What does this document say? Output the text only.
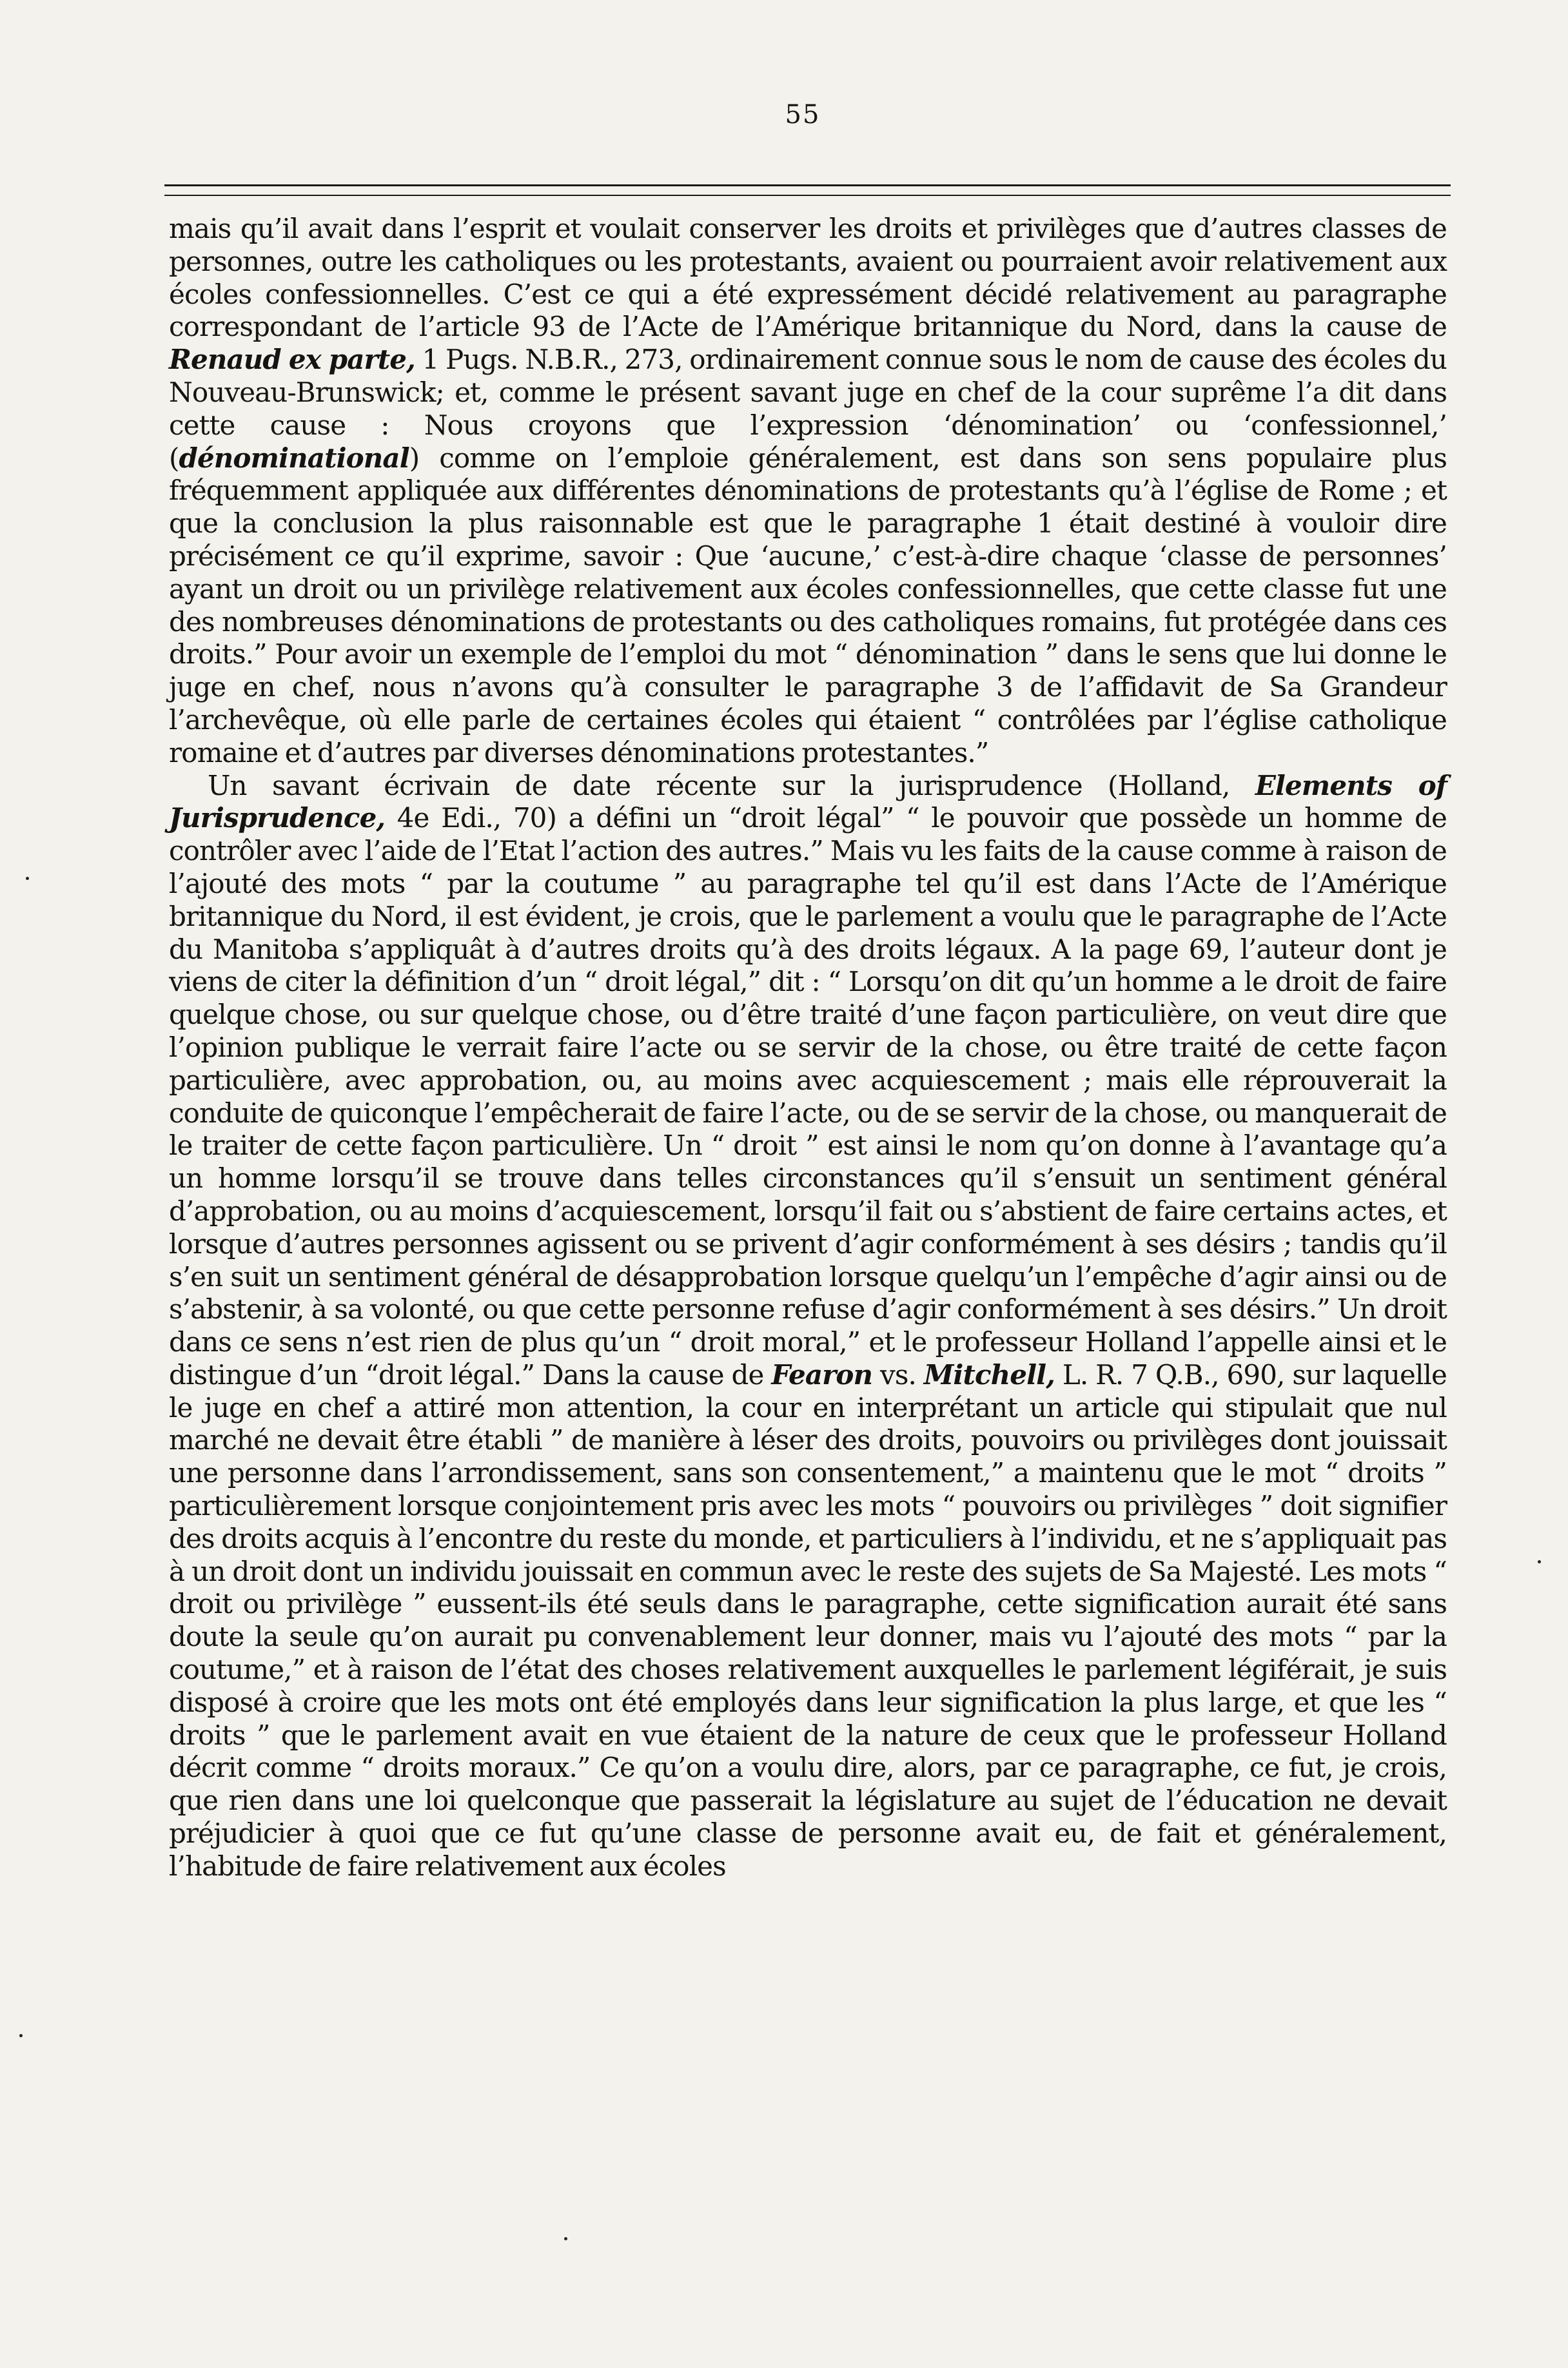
55

mais qu’il avait dans l’esprit et voulait conserver les droits et privilèges que d’autres classes de personnes, outre les catholiques ou les protestants, avaient ou pourraient avoir relativement aux écoles confessionnelles. C’est ce qui a été expressément décidé relativement au paragraphe correspondant de l’article 93 de l’Acte de l’Amérique britannique du Nord, dans la cause de Renaud ex parte, 1 Pugs. N.B.R., 273, ordinairement connue sous le nom de cause des écoles du Nouveau-Brunswick; et, comme le présent savant juge en chef de la cour suprême l’a dit dans cette cause : Nous croyons que l’expression ‘dénomination’ ou ‘confessionnel,’ (dénominational) comme on l’emploie généralement, est dans son sens populaire plus fréquemment appliquée aux différentes dénominations de protestants qu’à l’église de Rome ; et que la conclusion la plus raisonnable est que le paragraphe 1 était destiné à vouloir dire précisément ce qu’il exprime, savoir : Que ‘aucune,’ c’est-à-dire chaque ‘classe de personnes’ ayant un droit ou un privilège relativement aux écoles confessionnelles, que cette classe fut une des nombreuses dénominations de protestants ou des catholiques romains, fut protégée dans ces droits.” Pour avoir un exemple de l’emploi du mot “ dénomination ” dans le sens que lui donne le juge en chef, nous n’avons qu’à consulter le paragraphe 3 de l’affidavit de Sa Grandeur l’archevêque, où elle parle de certaines écoles qui étaient “ contrôlées par l’église catholique romaine et d’autres par diverses dénominations protestantes.”

Un savant écrivain de date récente sur la jurisprudence (Holland, Elements of Jurisprudence, 4e Edi., 70) a défini un “droit légal” “ le pouvoir que possède un homme de contrôler avec l’aide de l’Etat l’action des autres.” Mais vu les faits de la cause comme à raison de l’ajouté des mots “ par la coutume ” au paragraphe tel qu’il est dans l’Acte de l’Amérique britannique du Nord, il est évident, je crois, que le parlement a voulu que le paragraphe de l’Acte du Manitoba s’appliquât à d’autres droits qu’à des droits légaux. A la page 69, l’auteur dont je viens de citer la définition d’un “ droit légal,” dit : “ Lorsqu’on dit qu’un homme a le droit de faire quelque chose, ou sur quelque chose, ou d’être traité d’une façon particulière, on veut dire que l’opinion publique le verrait faire l’acte ou se servir de la chose, ou être traité de cette façon particulière, avec approbation, ou, au moins avec acquiescement ; mais elle réprouverait la conduite de quiconque l’empêcherait de faire l’acte, ou de se servir de la chose, ou manquerait de le traiter de cette façon particulière. Un “ droit ” est ainsi le nom qu’on donne à l’avantage qu’a un homme lorsqu’il se trouve dans telles circonstances qu’il s’ensuit un sentiment général d’approbation, ou au moins d’acquiescement, lorsqu’il fait ou s’abstient de faire certains actes, et lorsque d’autres personnes agissent ou se privent d’agir conformément à ses désirs ; tandis qu’il s’en suit un sentiment général de désapprobation lorsque quelqu’un l’empêche d’agir ainsi ou de s’abstenir, à sa volonté, ou que cette personne refuse d’agir conformément à ses désirs.” Un droit dans ce sens n’est rien de plus qu’un “ droit moral,” et le professeur Holland l’appelle ainsi et le distingue d’un “droit légal.” Dans la cause de Fearon vs. Mitchell, L. R. 7 Q.B., 690, sur laquelle le juge en chef a attiré mon attention, la cour en interprétant un article qui stipulait que nul marché ne devait être établi ” de manière à léser des droits, pouvoirs ou privilèges dont jouissait une personne dans l’arrondissement, sans son consentement,” a maintenu que le mot “ droits ” particulièrement lorsque conjointement pris avec les mots “ pouvoirs ou privilèges ” doit signifier des droits acquis à l’encontre du reste du monde, et particuliers à l’individu, et ne s’appliquait pas à un droit dont un individu jouissait en commun avec le reste des sujets de Sa Majesté. Les mots “ droit ou privilège ” eussent-ils été seuls dans le paragraphe, cette signification aurait été sans doute la seule qu’on aurait pu convenablement leur donner, mais vu l’ajouté des mots “ par la coutume,” et à raison de l’état des choses relativement auxquelles le parlement légiférait, je suis disposé à croire que les mots ont été employés dans leur signification la plus large, et que les “ droits ” que le parlement avait en vue étaient de la nature de ceux que le professeur Holland décrit comme “ droits moraux.” Ce qu’on a voulu dire, alors, par ce paragraphe, ce fut, je crois, que rien dans une loi quelconque que passerait la législature au sujet de l’éducation ne devait préjudicier à quoi que ce fut qu’une classe de personne avait eu, de fait et généralement, l’habitude de faire relativement aux écoles
